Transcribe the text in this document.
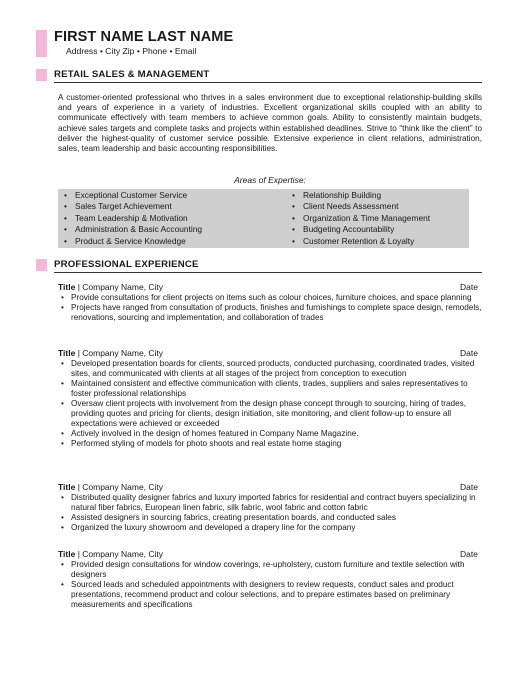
FIRST NAME LAST NAME
Address • City Zip • Phone • Email
RETAIL SALES & MANAGEMENT

A customer-oriented professional who thrives in a sales environment due to exceptional relationship-building skills and years of experience in a variety of industries. Excellent organizational skills coupled with an ability to communicate effectively with team members to achieve common goals. Ability to consistently maintain budgets, achieve sales targets and complete tasks and projects within established deadlines. Strive to “think like the client” to deliver the highest-quality of customer service possible. Extensive experience in client relations, administration, sales, team leadership and basic accounting responsibilities.

Areas of Expertise:
• Exceptional Customer Service
• Sales Target Achievement
• Team Leadership & Motivation
• Administration & Basic Accounting
• Product & Service Knowledge
• Relationship Building
• Client Needs Assessment
• Organization & Time Management
• Budgeting Accountability
• Customer Retention & Loyalty
PROFESSIONAL EXPERIENCE
Title | Company Name, City	Date
• Provide consultations for client projects on items such as colour choices, furniture choices, and space planning
• Projects have ranged from consultation of products, finishes and furnishings to complete space design, remodels, renovations, sourcing and implementation, and collaboration of trades
Title | Company Name, City	Date
• Developed presentation boards for clients, sourced products, conducted purchasing, coordinated trades, visited sites, and communicated with clients at all stages of the project from conception to execution
• Maintained consistent and effective communication with clients, trades, suppliers and sales representatives to foster professional relationships
• Oversaw client projects with involvement from the design phase concept through to sourcing, hiring of trades, providing quotes and pricing for clients, design initiation, site monitoring, and client follow-up to ensure all expectations were achieved or exceeded
• Actively involved in the design of homes featured in Company Name Magazine.
• Performed styling of models for photo shoots and real estate home staging
Title | Company Name, City	Date
• Distributed quality designer fabrics and luxury imported fabrics for residential and contract buyers specializing in natural fiber fabrics, European linen fabric, silk fabric, wool fabric and cotton fabric
• Assisted designers in sourcing fabrics, creating presentation boards, and conducted sales
• Organized the luxury showroom and developed a drapery line for the company
Title | Company Name, City	Date
• Provided design consultations for window coverings, re-upholstery, custom furniture and textile selection with designers
• Sourced leads and scheduled appointments with designers to review requests, conduct sales and product presentations, recommend product and colour selections, and to prepare estimates based on preliminary measurements and specifications
